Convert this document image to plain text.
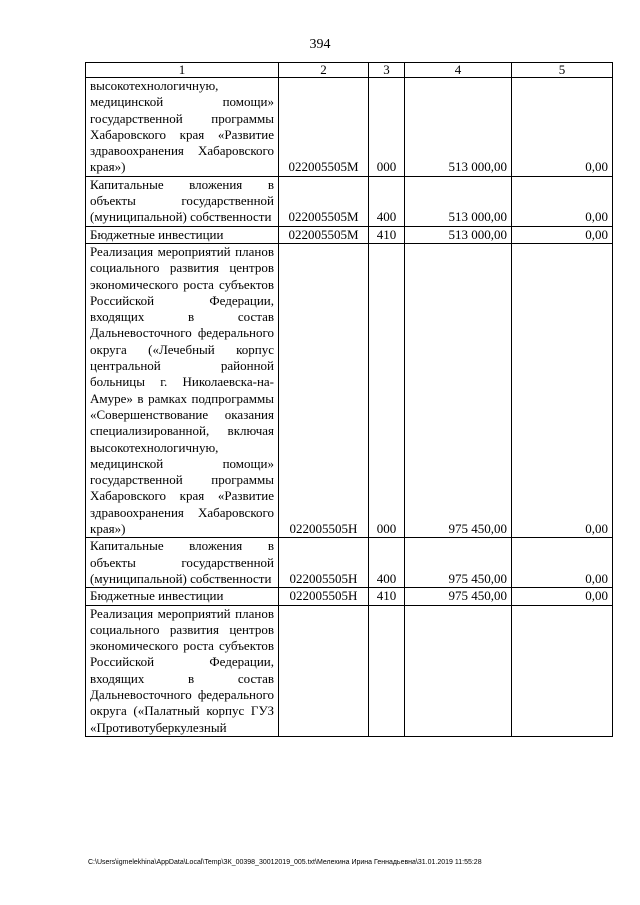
394
1	2	3	4	5
высокотехнологичную, медицинской помощи» государственной программы Хабаровского края «Развитие здравоохранения Хабаровского края»)	022005505М	000	513 000,00	0,00
Капитальные вложения в объекты государственной (муниципальной) собственности	022005505М	400	513 000,00	0,00
Бюджетные инвестиции	022005505М	410	513 000,00	0,00
Реализация мероприятий планов социального развития центров экономического роста субъектов Российской Федерации, входящих в состав Дальневосточного федерального округа («Лечебный корпус центральной районной больницы г. Николаевска-на-Амуре» в рамках подпрограммы «Совершенствование оказания специализированной, включая высокотехнологичную, медицинской помощи» государственной программы Хабаровского края «Развитие здравоохранения Хабаровского края»)	022005505Н	000	975 450,00	0,00
Капитальные вложения в объекты государственной (муниципальной) собственности	022005505Н	400	975 450,00	0,00
Бюджетные инвестиции	022005505Н	410	975 450,00	0,00
Реализация мероприятий планов социального развития центров экономического роста субъектов Российской Федерации, входящих в состав Дальневосточного федерального округа («Палатный корпус ГУЗ «Противотуберкулезный				
C:\Users\igmelekhina\AppData\Local\Temp\ЗК_00398_30012019_005.txt\Мелехина Ирина Геннадьевна\31.01.2019 11:55:28
